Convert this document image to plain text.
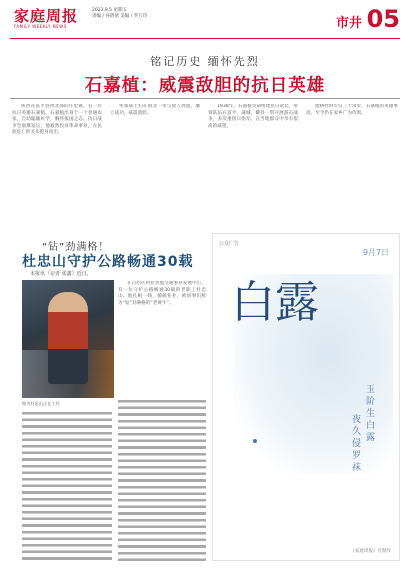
家庭周报
FAMILY WEEKLY NEWS
2023.9.5 星期五
责编 / 孙倩倩 美编 / 罗万玲	市井 05
铭记历史 缅怀先烈
石嘉植：威震敌胆的抗日英雄
陕西省富平县西北部的庄里镇，有一位抗日英雄石嘉植。石嘉植出身于一个普通农家，自幼聪颖好学，胸怀报国之志。抗日战争全面爆发后，他毅然投身革命事业，在民族危亡的关头挺身而出，
率领战士们在渭北一带与敌人周旋，屡立战功，威震敌胆。
1938年，石嘉植受命组建抗日武装，带领队伍在富平、蒲城、耀县一带开展游击战争，多次重创日伪军，在当地群众中享有很高的威望。
他牺牲时年仅三十余岁。石嘉植的英雄事迹，至今仍在家乡广为传颂。
“钻”劲满格！
杜忠山守护公路畅通30载
本报讯（记者 张鑫）近日，
图为杜忠山正在工作
在自治区阿拉善盟交通事业发展中心，有一位守护公路畅通30载的老职工杜忠山。他扎根一线，兢兢业业，被同事们称为“钻”劲满格的“老黄牛”。
公众广告
9月7日
白露
玉阶生白露
夜久侵罗袜
《家庭周报》社制作
